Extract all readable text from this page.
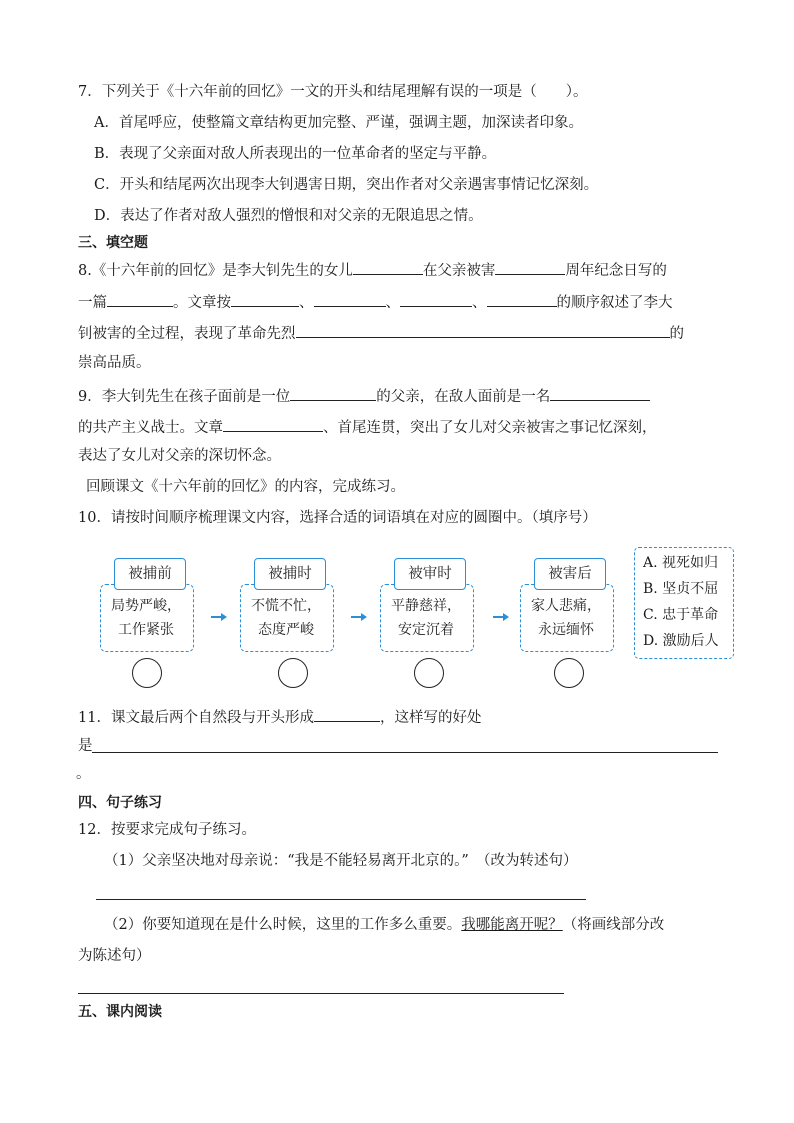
7．下列关于《十六年前的回忆》一文的开头和结尾理解有误的一项是（　　）。
A．首尾呼应，使整篇文章结构更加完整、严谨，强调主题，加深读者印象。
B．表现了父亲面对敌人所表现出的一位革命者的坚定与平静。
C．开头和结尾两次出现李大钊遇害日期，突出作者对父亲遇害事情记忆深刻。
D．表达了作者对敌人强烈的憎恨和对父亲的无限追思之情。
三、填空题
8.《十六年前的回忆》是李大钊先生的女儿	在父亲被害	周年纪念日写的
一篇	。文章按	、	、	、	的顺序叙述了李大
钊被害的全过程，表现了革命先烈	的
崇高品质。
9．李大钊先生在孩子面前是一位	的父亲，在敌人面前是一名
的共产主义战士。文章	、首尾连贯，突出了女儿对父亲被害之事记忆深刻，
表达了女儿对父亲的深切怀念。
回顾课文《十六年前的回忆》的内容，完成练习。
10．请按时间顺序梳理课文内容，选择合适的词语填在对应的圆圈中。（填序号）
被捕前
局势严峻，
工作紧张
被捕时
不慌不忙，
态度严峻
被审时
平静慈祥，
安定沉着
被害后
家人悲痛，
永远缅怀
A. 视死如归
B. 坚贞不屈
C. 忠于革命
D. 激励后人
11．课文最后两个自然段与开头形成	，这样写的好处
是
。
四、句子练习
12．按要求完成句子练习。
（1）父亲坚决地对母亲说：“我是不能轻易离开北京的。”　（改为转述句）
（2）你要知道现在是什么时候，这里的工作多么重要。我哪能离开呢？（将画线部分改
为陈述句）
五、课内阅读
